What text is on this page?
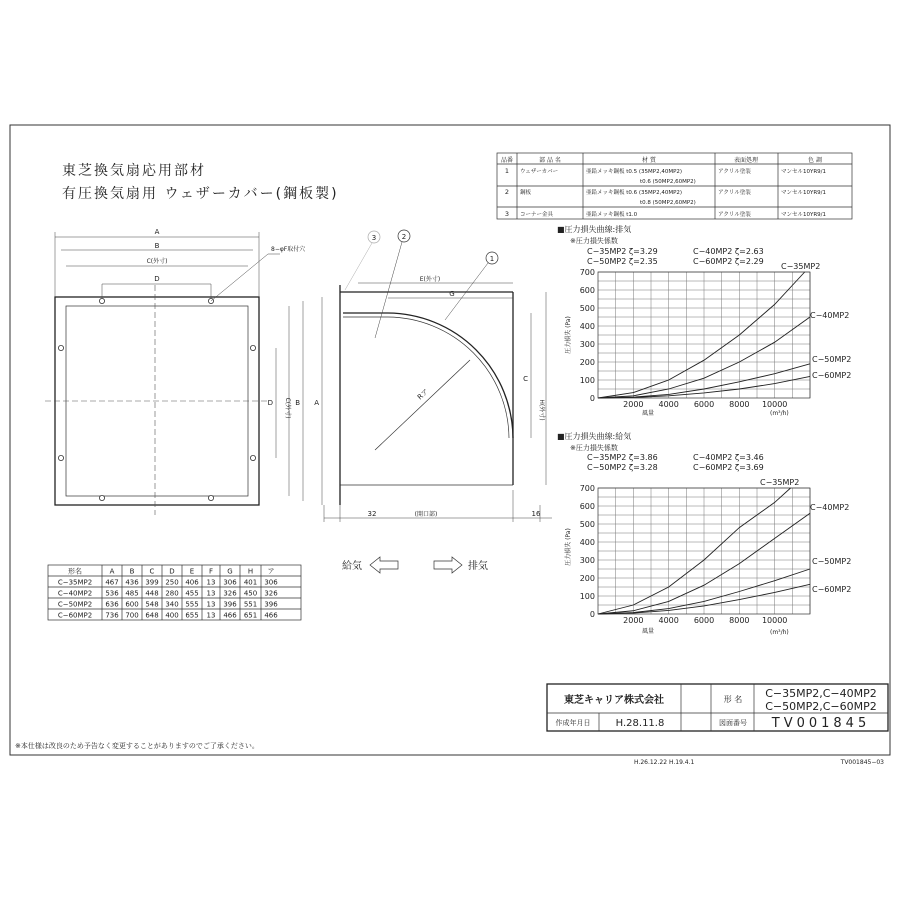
東芝換気扇応用部材
有圧換気扇用 ウェザーカバー(鋼板製)
品番	部 品 名	材 質	表面処理	色 調
1 ウェザーカバー	亜鉛メッキ鋼板 t0.5 (35MP2,40MP2)
t0.6 (50MP2,60MP2)
アクリル塗装	マンセル10YR9/1
2 鋼板	亜鉛メッキ鋼板 t0.6 (35MP2,40MP2)
t0.8 (50MP2,60MP2)
アクリル塗装	マンセル10YR9/1
3 コーナー金具	亜鉛メッキ鋼板 t1.0	アクリル塗装	マンセル10YR9/1
A
B
C(外寸)
D
8−φF取付穴
D C(外寸) B A
Rア
1
2
3
E(外寸)
G
C
H(外寸)
32	(開口部)	16
給気	排気
形名	A B C D E F G H ア
C−35MP2 467 436 399 250 406 13 306 401 306
C−40MP2 536 485 448 280 455 13 326 450 326
C−50MP2 636 600 548 340 555 13 396 551 396
C−60MP2 736 700 648 400 655 13 466 651 466
■圧力損失曲線:排気
※圧力損失係数
C−35MP2 ζ=3.29	C−40MP2 ζ=2.63
C−50MP2 ζ=2.35	C−60MP2 ζ=2.29
風量	(m³/h)
圧力損失 (Pa)
2000 4000 6000 8000 10000
0
100
200
300
400
500
600
700
C−35MP2
C−40MP2
C−50MP2
C−60MP2
■圧力損失曲線:給気
※圧力損失係数
C−35MP2 ζ=3.86	C−40MP2 ζ=3.46
C−50MP2 ζ=3.28	C−60MP2 ζ=3.69
風量	(m³/h)
圧力損失 (Pa)
2000 4000 6000 8000 10000
0
100
200
300
400
500
600
700
C−35MP2
C−40MP2
C−50MP2
C−60MP2
東芝キャリア株式会社	形 名 C−35MP2,C−40MP2
C−50MP2,C−60MP2
作成年月日	H.28.11.8	図面番号 TV001845
※本仕様は改良のため予告なく変更することがありますのでご了承ください。
H.26.12.22 H.19.4.1	TV001845−03
